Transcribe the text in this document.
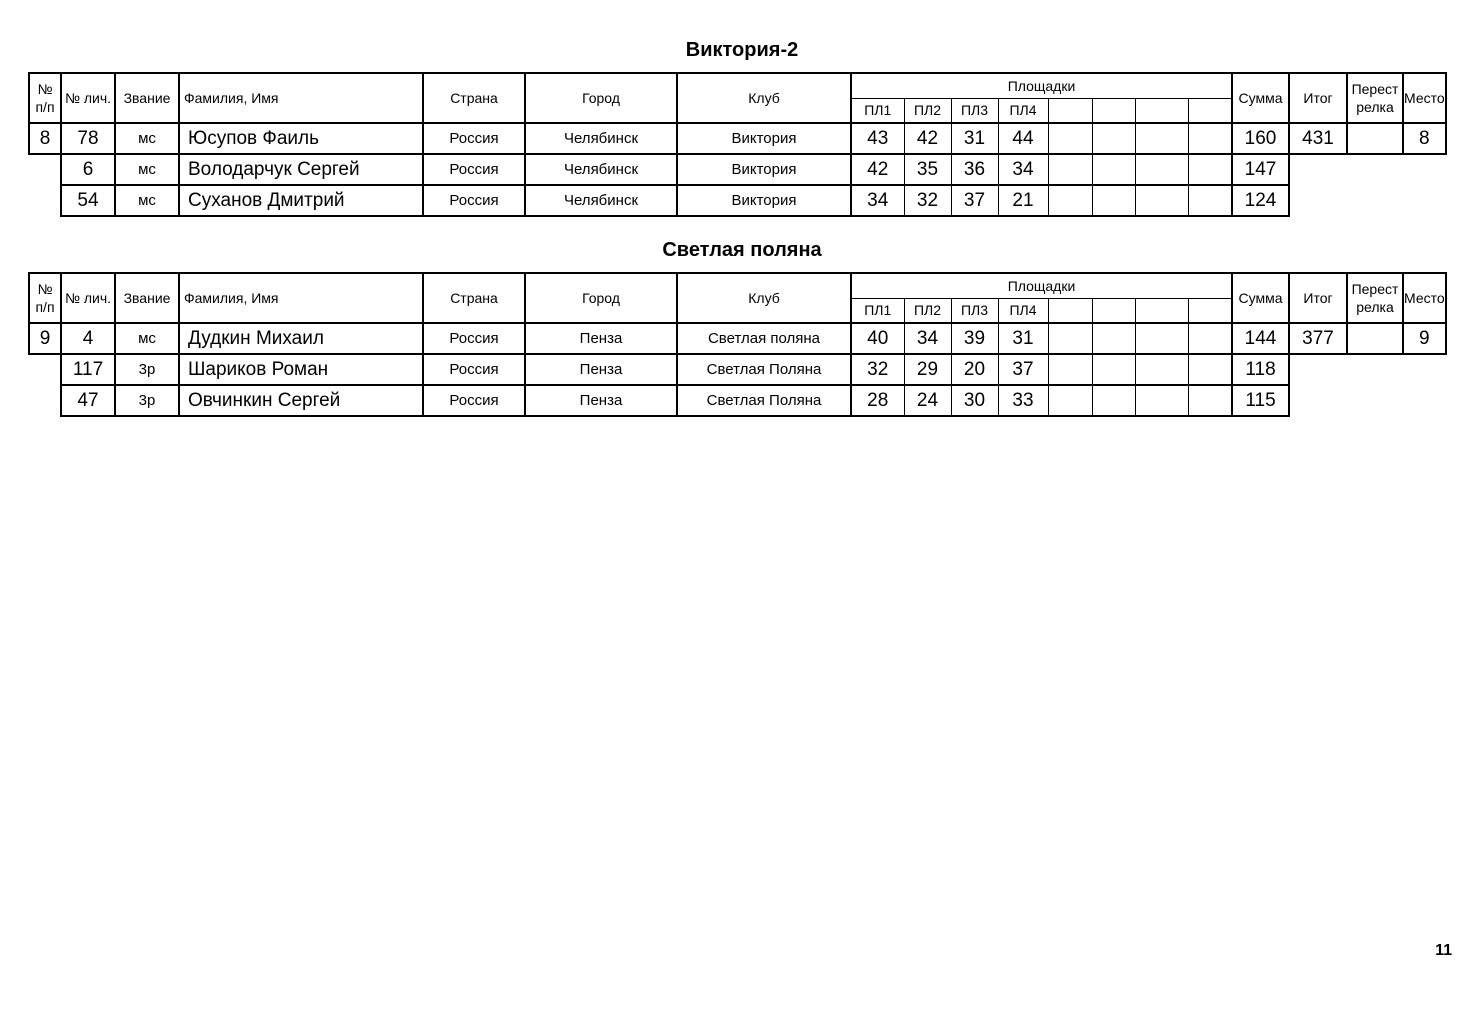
Виктория-2
№ п/п	№ лич.	Звание	Фамилия, Имя	Страна	Город	Клуб	Площадки								Сумма	Итог	Перест релка	Место
							ПЛ1	ПЛ2	ПЛ3	ПЛ4								
8	78	мс	Юсупов Фаиль	Россия	Челябинск	Виктория	43	42	31	44					160	431		8
	6	мс	Володарчук Сергей	Россия	Челябинск	Виктория	42	35	36	34					147			
	54	мс	Суханов Дмитрий	Россия	Челябинск	Виктория	34	32	37	21					124			
Светлая поляна
№ п/п	№ лич.	Звание	Фамилия, Имя	Страна	Город	Клуб	Площадки								Сумма	Итог	Перест релка	Место
							ПЛ1	ПЛ2	ПЛ3	ПЛ4								
9	4	мс	Дудкин Михаил	Россия	Пенза	Светлая поляна	40	34	39	31					144	377		9
	117	3р	Шариков Роман	Россия	Пенза	Светлая Поляна	32	29	20	37					118			
	47	3р	Овчинкин Сергей	Россия	Пенза	Светлая Поляна	28	24	30	33					115			
11
